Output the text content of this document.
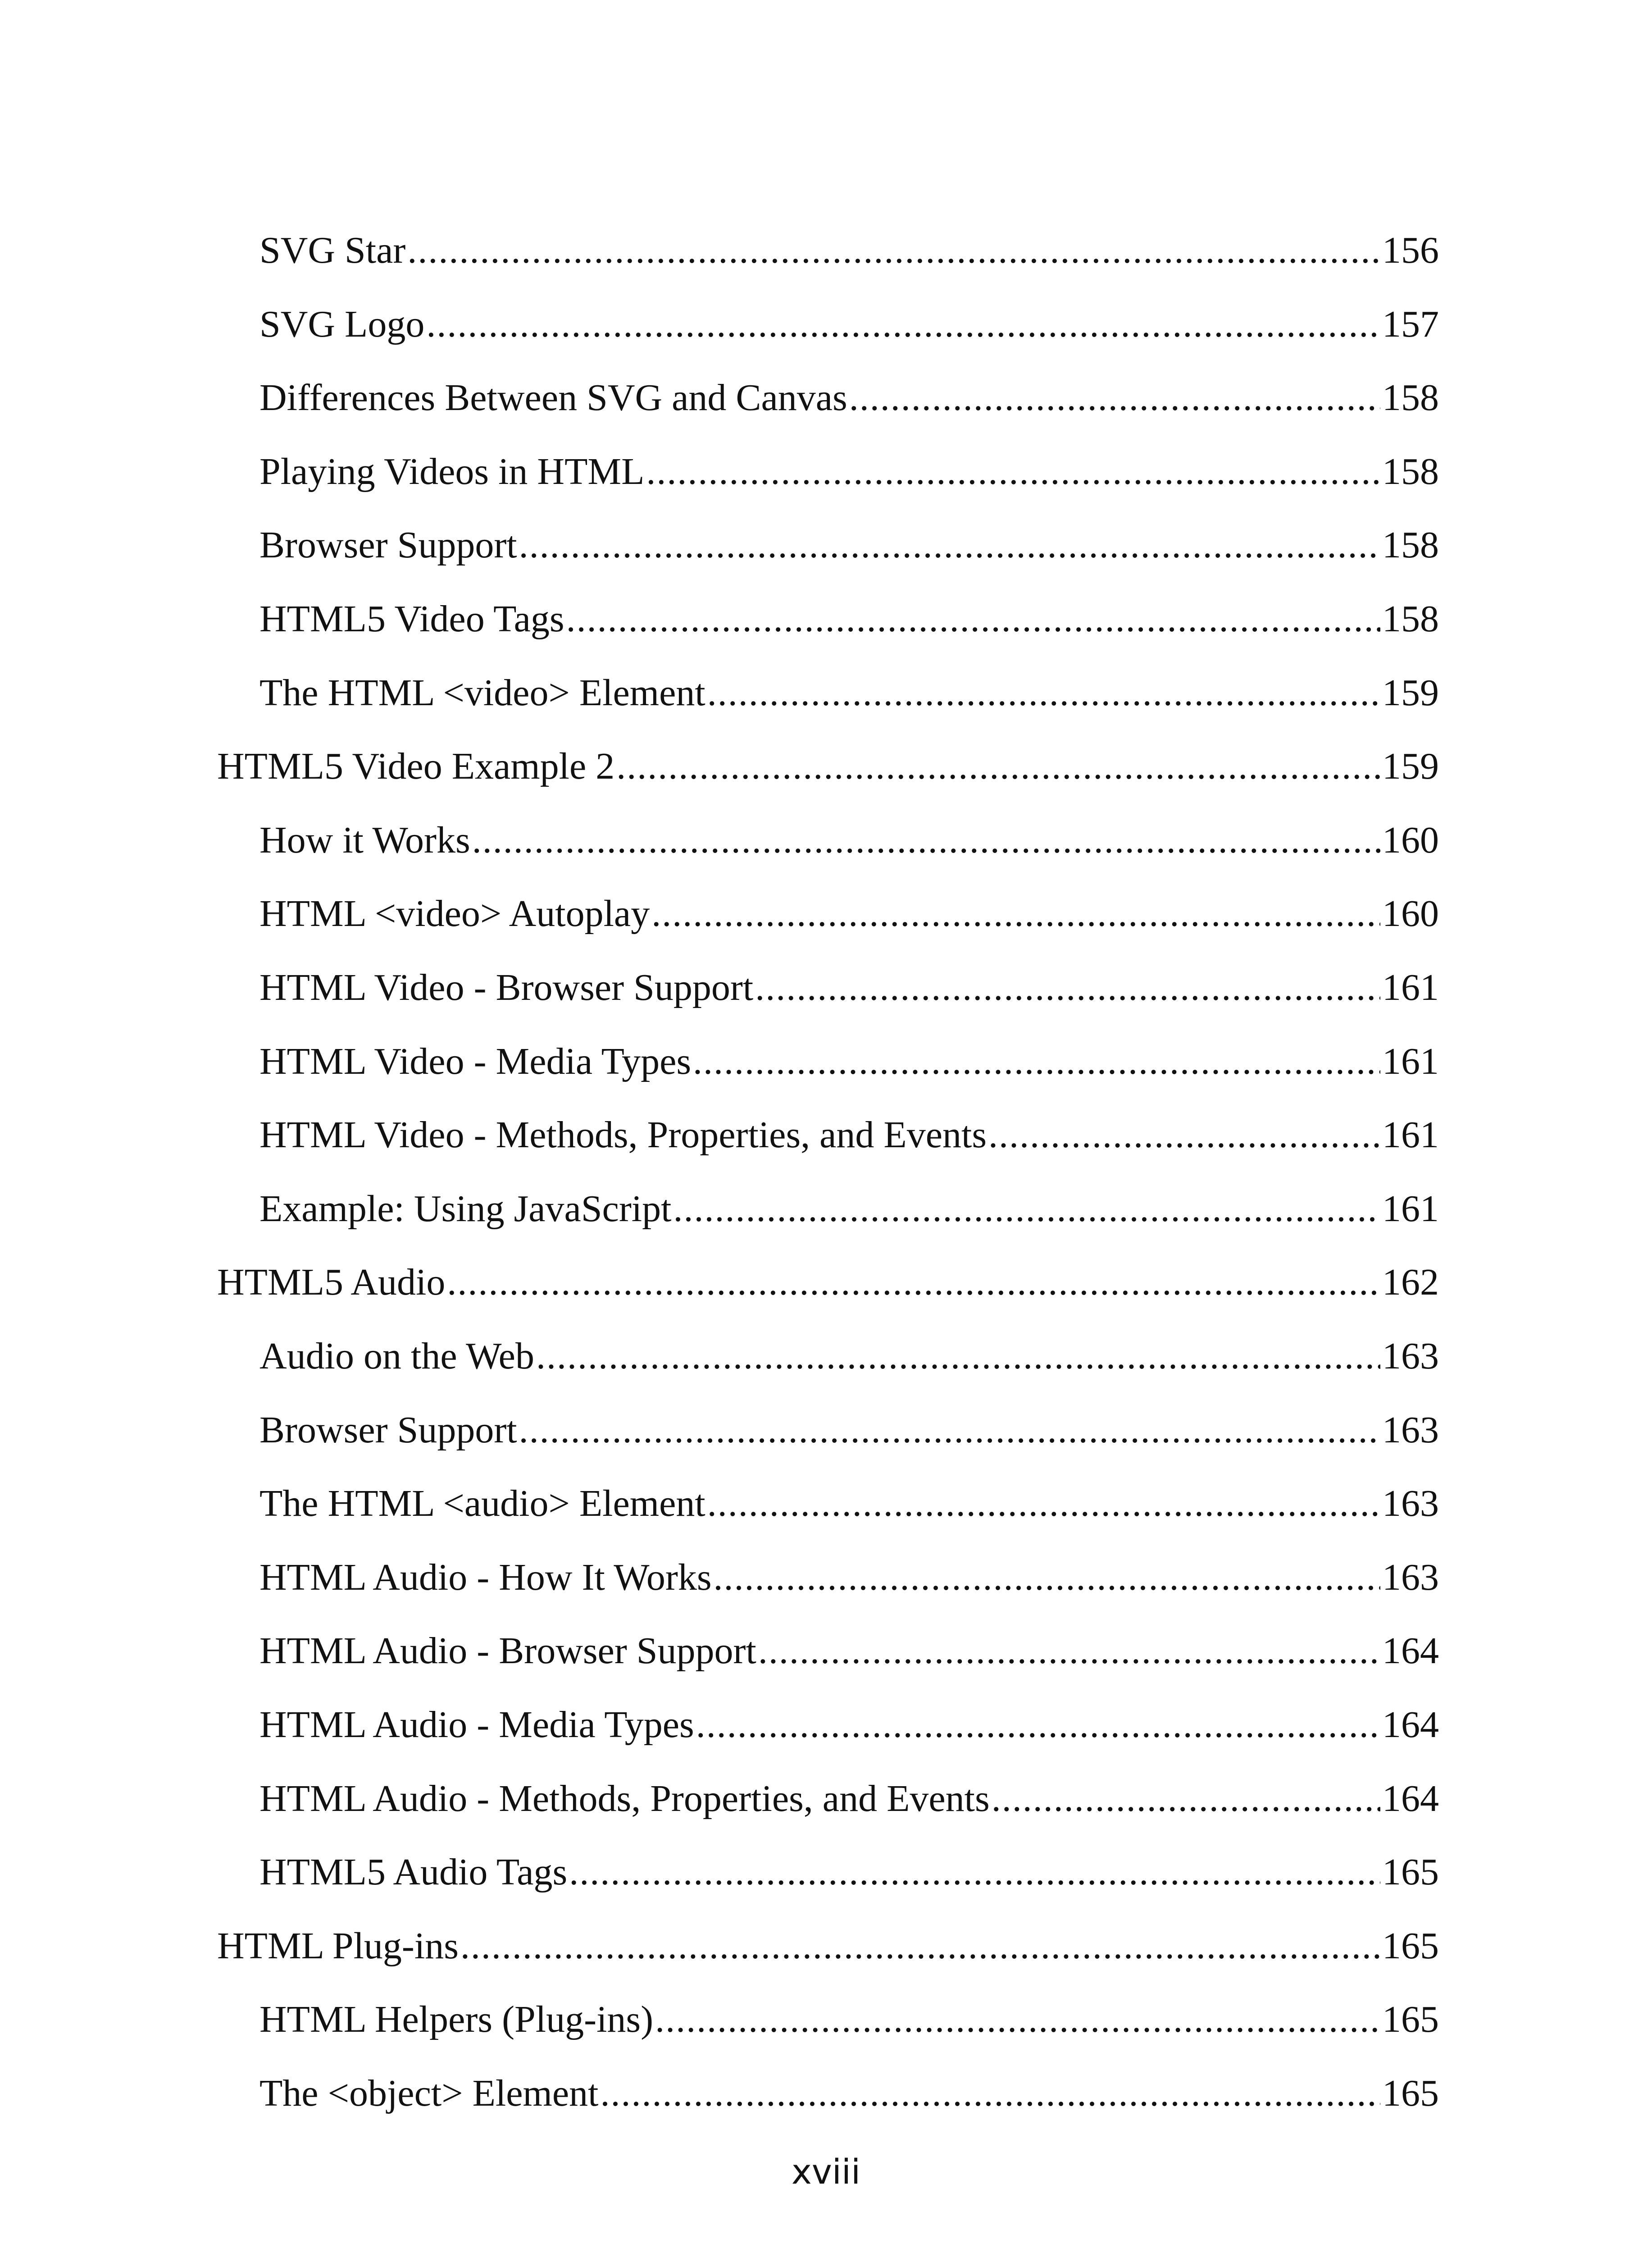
SVG Star .....	156
SVG Logo .....	157
Differences Between SVG and Canvas .....	158
Playing Videos in HTML .....	158
Browser Support .....	158
HTML5 Video Tags .....	158
The HTML <video> Element .....	159
HTML5 Video Example 2 .....	159
How it Works .....	160
HTML <video> Autoplay .....	160
HTML Video - Browser Support .....	161
HTML Video - Media Types .....	161
HTML Video - Methods, Properties, and Events .....	161
Example: Using JavaScript .....	161
HTML5 Audio .....	162
Audio on the Web .....	163
Browser Support .....	163
The HTML <audio> Element .....	163
HTML Audio - How It Works .....	163
HTML Audio - Browser Support .....	164
HTML Audio - Media Types .....	164
HTML Audio - Methods, Properties, and Events .....	164
HTML5 Audio Tags .....	165
HTML Plug-ins .....	165
HTML Helpers (Plug-ins) .....	165
The <object> Element .....	165

xviii
